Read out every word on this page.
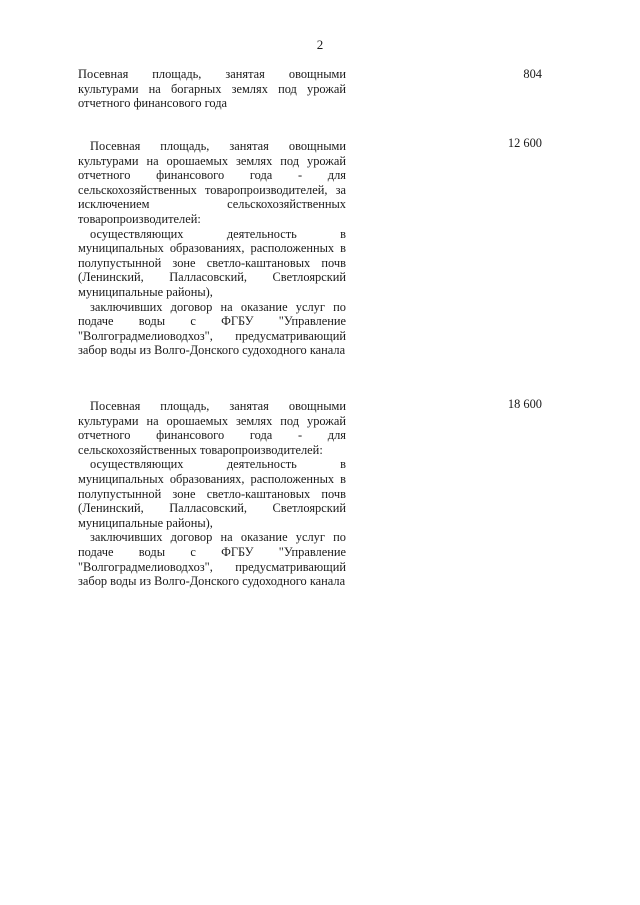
2

Посевная площадь, занятая овощными культурами на богарных землях под урожай отчетного финансового года

804

Посевная площадь, занятая овощными культурами на орошаемых землях под урожай отчетного финансового года - для сельскохозяйственных товаропроизводителей, за исключением сельскохозяйственных товаропроизводителей:

осуществляющих деятельность в муниципальных образованиях, расположенных в полупустынной зоне светло-каштановых почв (Ленинский, Палласовский, Светлоярский муниципальные районы),

заключивших договор на оказание услуг по подаче воды с ФГБУ "Управление "Волгоградмелиоводхоз", предусматривающий забор воды из Волго-Донского судоходного канала

12 600

Посевная площадь, занятая овощными культурами на орошаемых землях под урожай отчетного финансового года - для сельскохозяйственных товаропроизводителей:

осуществляющих деятельность в муниципальных образованиях, расположенных в полупустынной зоне светло-каштановых почв (Ленинский, Палласовский, Светлоярский муниципальные районы),

заключивших договор на оказание услуг по подаче воды с ФГБУ "Управление "Волгоградмелиоводхоз", предусматривающий забор воды из Волго-Донского судоходного канала

18 600
